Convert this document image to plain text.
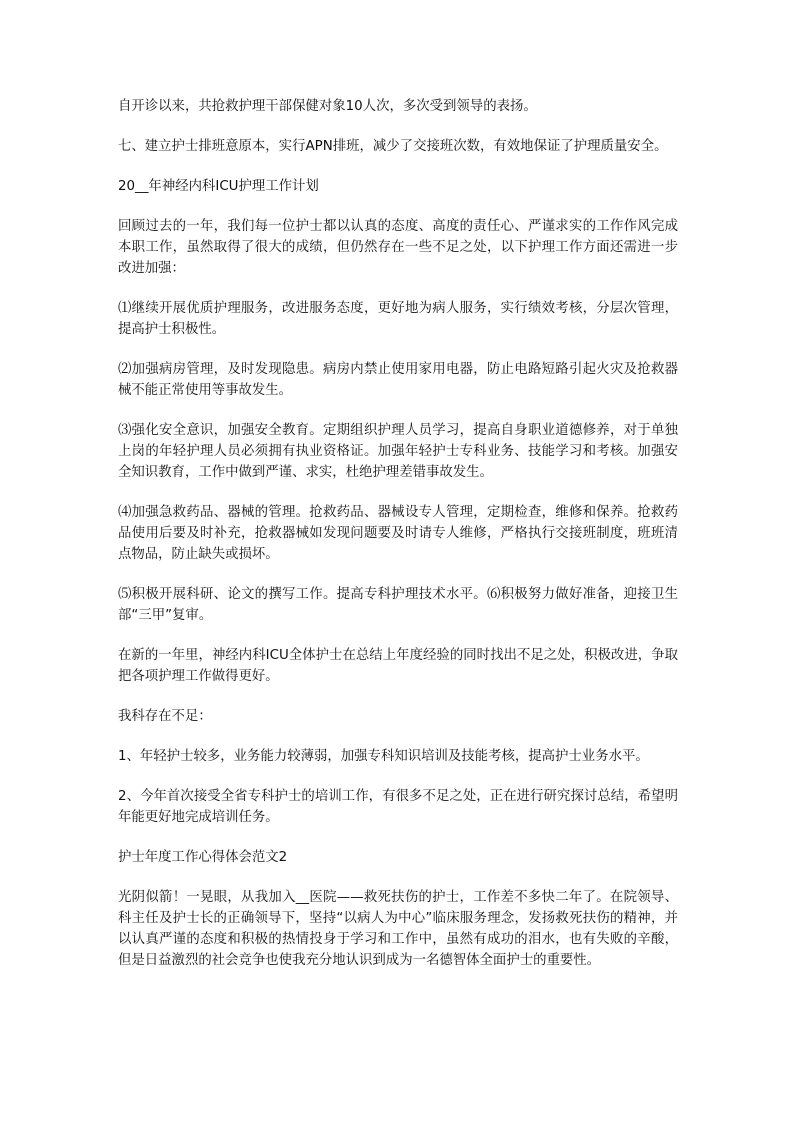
自开诊以来，共抢救护理干部保健对象10人次，多次受到领导的表扬。

七、建立护士排班意原本，实行APN排班，减少了交接班次数，有效地保证了护理质量安全。

20__年神经内科ICU护理工作计划

回顾过去的一年，我们每一位护士都以认真的态度、高度的责任心、严谨求实的工作作风完成本职工作，虽然取得了很大的成绩，但仍然存在一些不足之处，以下护理工作方面还需进一步改进加强：

⑴继续开展优质护理服务，改进服务态度，更好地为病人服务，实行绩效考核，分层次管理，提高护士积极性。

⑵加强病房管理，及时发现隐患。病房内禁止使用家用电器，防止电路短路引起火灾及抢救器械不能正常使用等事故发生。

⑶强化安全意识，加强安全教育。定期组织护理人员学习，提高自身职业道德修养，对于单独上岗的年轻护理人员必须拥有执业资格证。加强年轻护士专科业务、技能学习和考核。加强安全知识教育，工作中做到严谨、求实，杜绝护理差错事故发生。

⑷加强急救药品、器械的管理。抢救药品、器械设专人管理，定期检查，维修和保养。抢救药品使用后要及时补充，抢救器械如发现问题要及时请专人维修，严格执行交接班制度，班班清点物品，防止缺失或损坏。

⑸积极开展科研、论文的撰写工作。提高专科护理技术水平。⑹积极努力做好准备，迎接卫生部“三甲”复审。

在新的一年里，神经内科ICU全体护士在总结上年度经验的同时找出不足之处，积极改进，争取把各项护理工作做得更好。

我科存在不足：

1、年轻护士较多，业务能力较薄弱，加强专科知识培训及技能考核，提高护士业务水平。

2、今年首次接受全省专科护士的培训工作，有很多不足之处，正在进行研究探讨总结，希望明年能更好地完成培训任务。

护士年度工作心得体会范文2

光阴似箭！一晃眼，从我加入__医院——救死扶伤的护士，工作差不多快二年了。在院领导、科主任及护士长的正确领导下，坚持“以病人为中心”临床服务理念，发扬救死扶伤的精神，并以认真严谨的态度和积极的热情投身于学习和工作中，虽然有成功的泪水，也有失败的辛酸，但是日益激烈的社会竞争也使我充分地认识到成为一名德智体全面护士的重要性。
